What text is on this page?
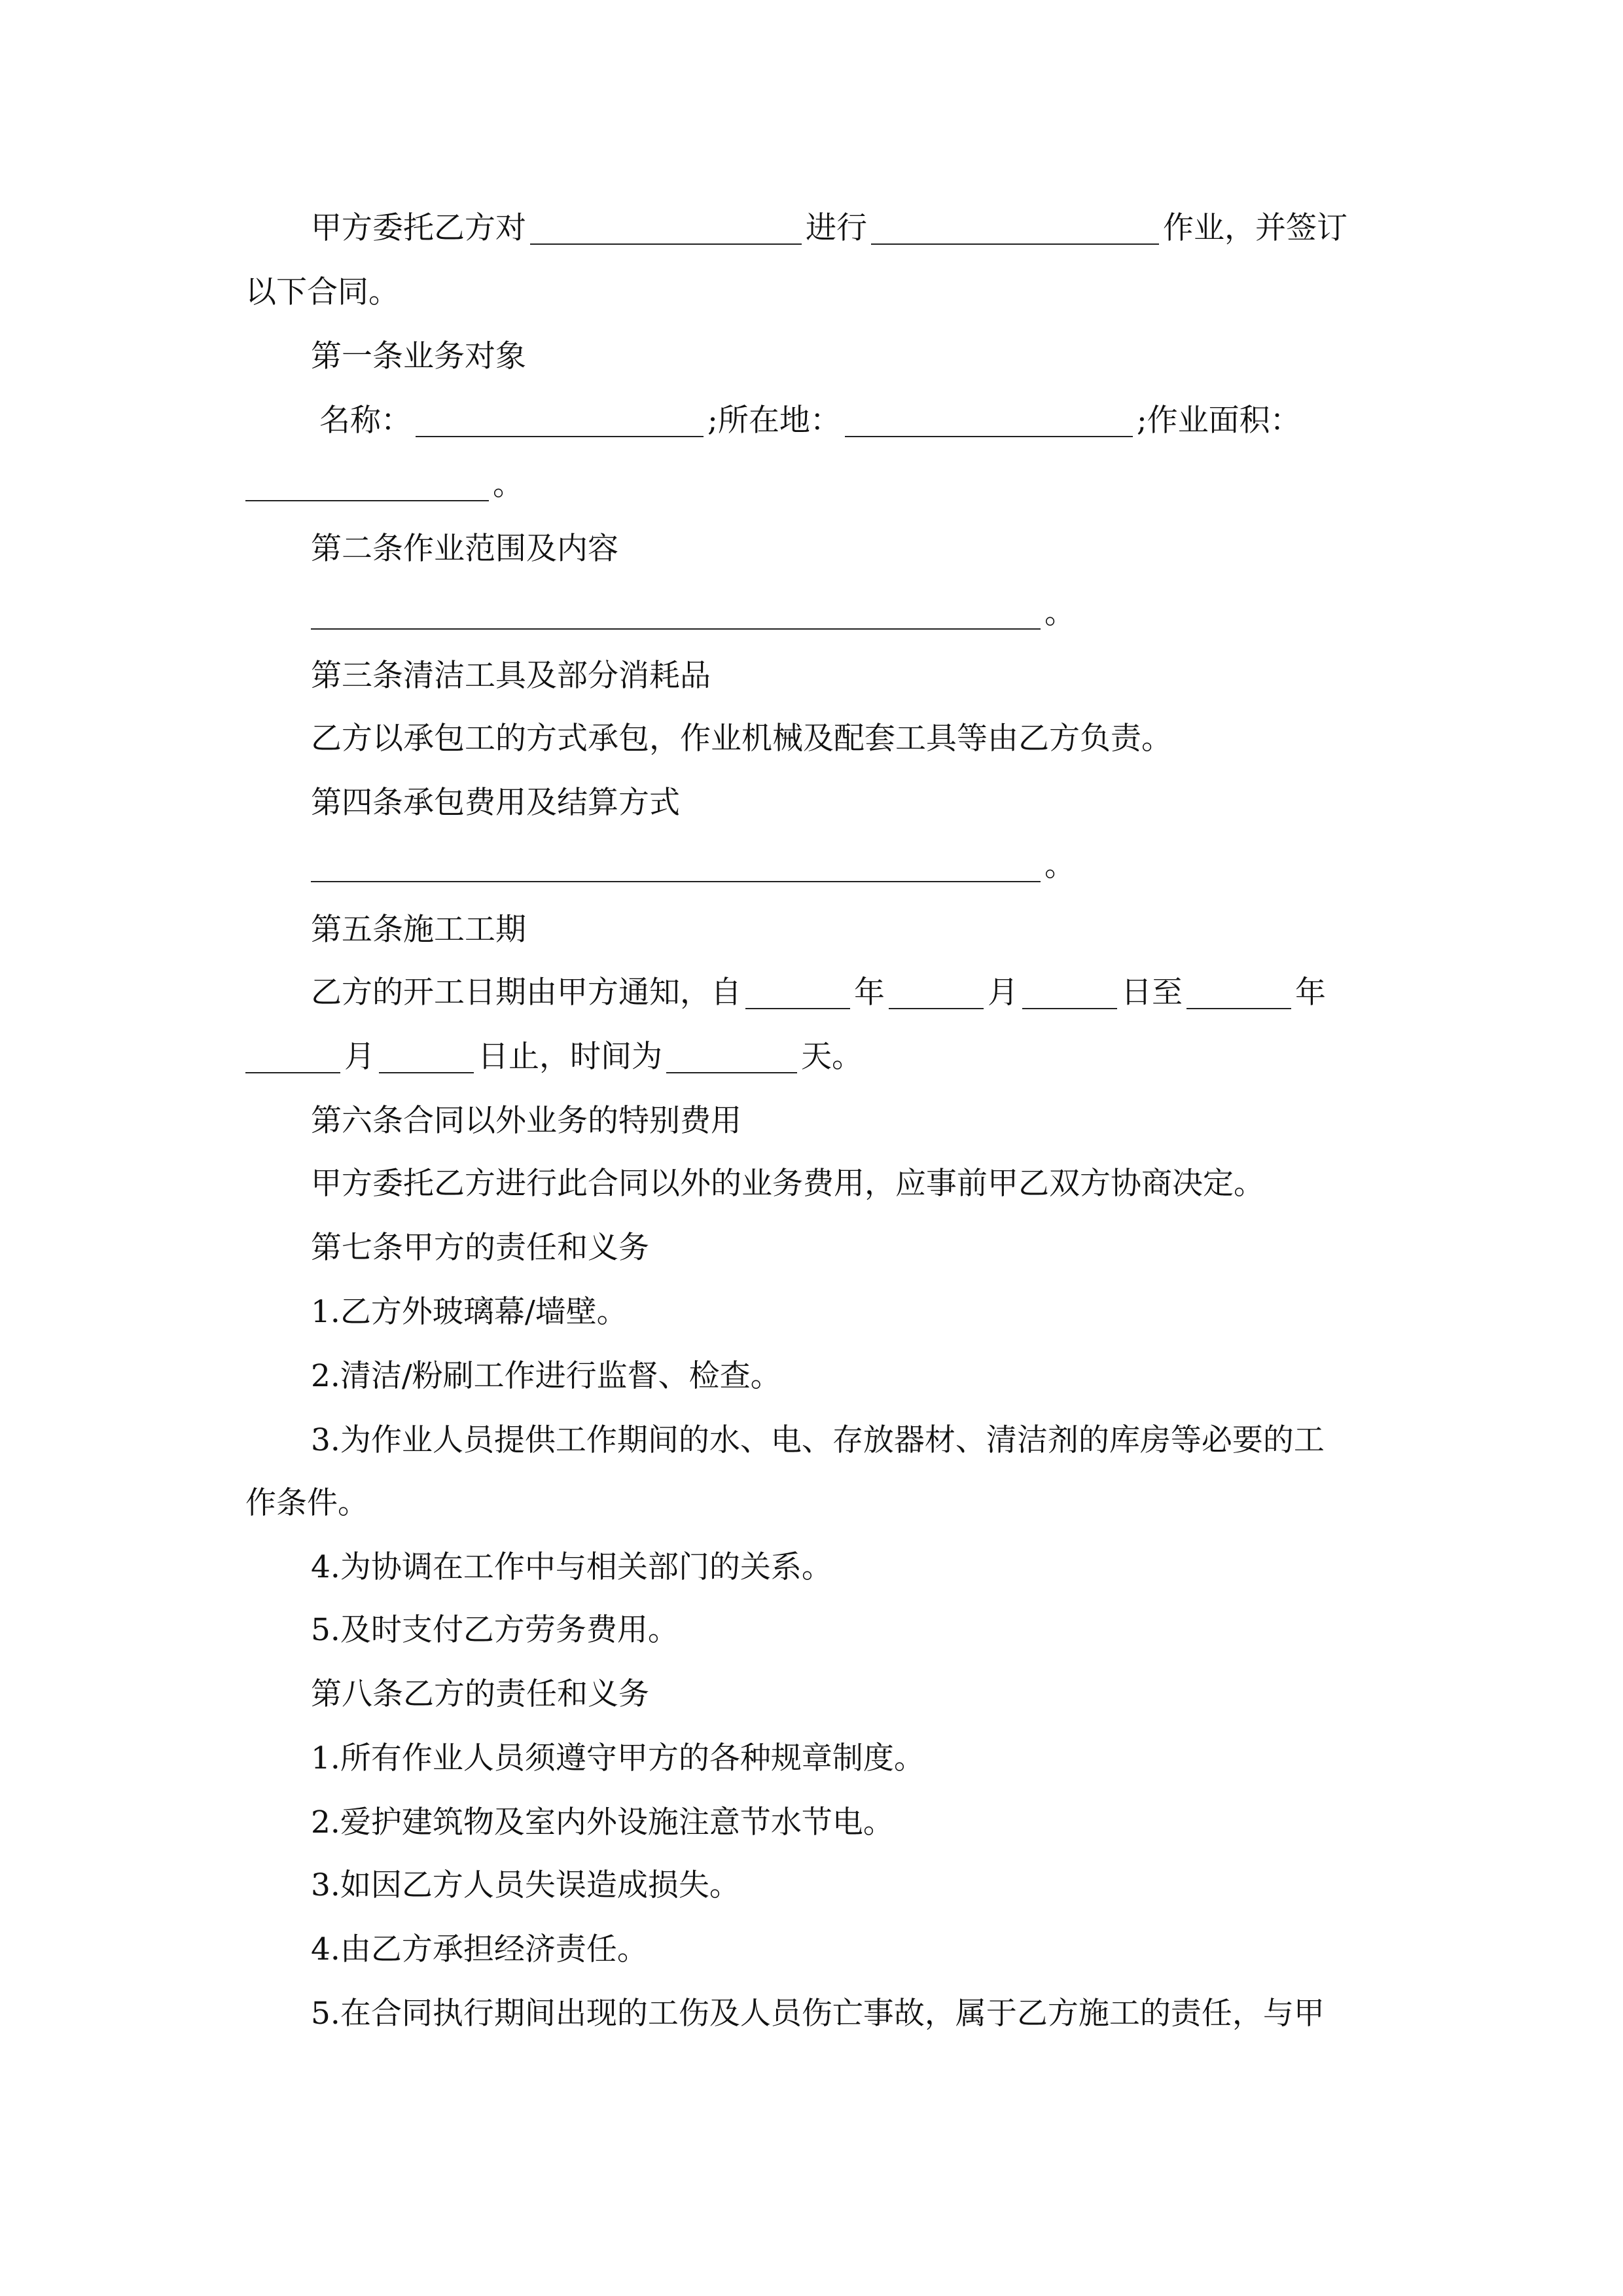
甲方委托乙方对	进行	作业，并签订
以下合同。
第一条业务对象
名称：	;所在地：	;作业面积：
。
第二条作业范围及内容
。
第三条清洁工具及部分消耗品
乙方以承包工的方式承包，作业机械及配套工具等由乙方负责。
第四条承包费用及结算方式
。
第五条施工工期
乙方的开工日期由甲方通知，自	年	月	日至	年
月	日止，时间为	天。
第六条合同以外业务的特别费用
甲方委托乙方进行此合同以外的业务费用，应事前甲乙双方协商决定。
第七条甲方的责任和义务
1.乙方外玻璃幕/墙壁。
2.清洁/粉刷工作进行监督、检查。
3.为作业人员提供工作期间的水、电、存放器材、清洁剂的库房等必要的工
作条件。
4.为协调在工作中与相关部门的关系。
5.及时支付乙方劳务费用。
第八条乙方的责任和义务
1.所有作业人员须遵守甲方的各种规章制度。
2.爱护建筑物及室内外设施注意节水节电。
3.如因乙方人员失误造成损失。
4.由乙方承担经济责任。
5.在合同执行期间出现的工伤及人员伤亡事故，属于乙方施工的责任，与甲
